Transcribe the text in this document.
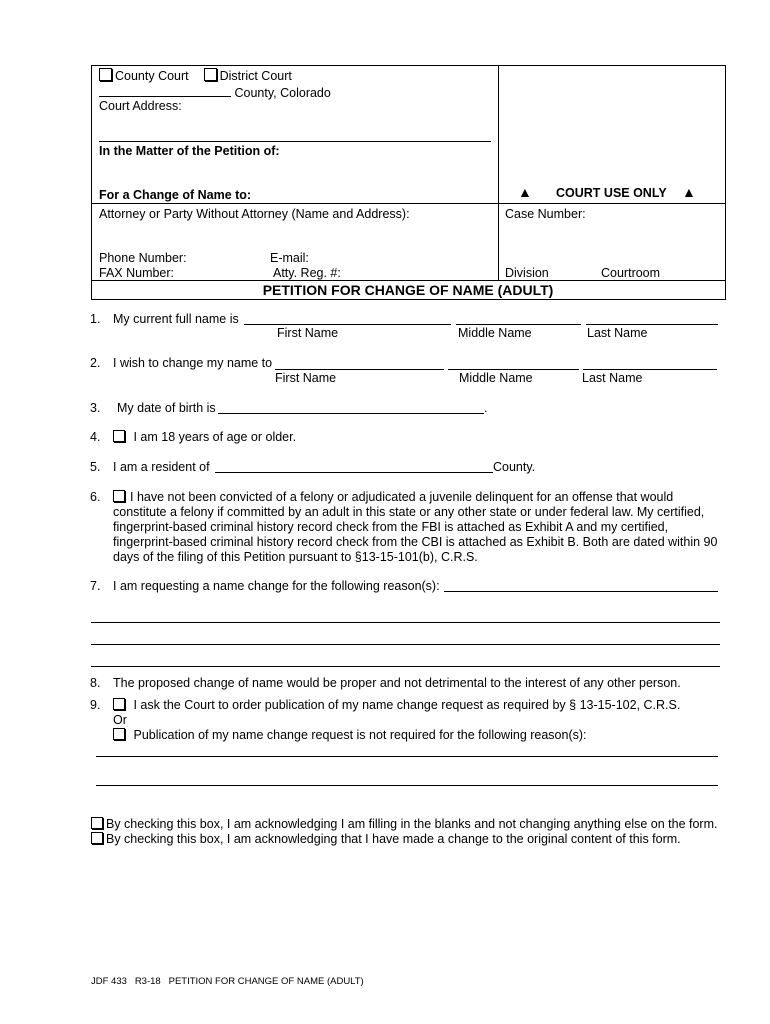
County Court District Court
County, Colorado
Court Address:
In the Matter of the Petition of:
For a Change of Name to:	▲ COURT USE ONLY ▲
Attorney or Party Without Attorney (Name and Address):
Phone Number:	E-mail:
FAX Number:	Atty. Reg. #:
Case Number:
Division	Courtroom
PETITION FOR CHANGE OF NAME (ADULT)
1. My current full name is
First Name	Middle Name	Last Name
2. I wish to change my name to
First Name	Middle Name	Last Name
3. My date of birth is	.
4.	I am 18 years of age or older.
5. I am a resident of	County.
6.	I have not been convicted of a felony or adjudicated a juvenile delinquent for an offense that would constitute a felony if committed by an adult in this state or any other state or under federal law. My certified, fingerprint-based criminal history record check from the FBI is attached as Exhibit A and my certified, fingerprint-based criminal history record check from the CBI is attached as Exhibit B. Both are dated within 90 days of the filing of this Petition pursuant to §13-15-101(b), C.R.S.
7. I am requesting a name change for the following reason(s):
8. The proposed change of name would be proper and not detrimental to the interest of any other person.
9.	I ask the Court to order publication of my name change request as required by § 13-15-102, C.R.S.
Or
Publication of my name change request is not required for the following reason(s):
By checking this box, I am acknowledging I am filling in the blanks and not changing anything else on the form.
By checking this box, I am acknowledging that I have made a change to the original content of this form.
JDF 433   R3-18   PETITION FOR CHANGE OF NAME (ADULT)
